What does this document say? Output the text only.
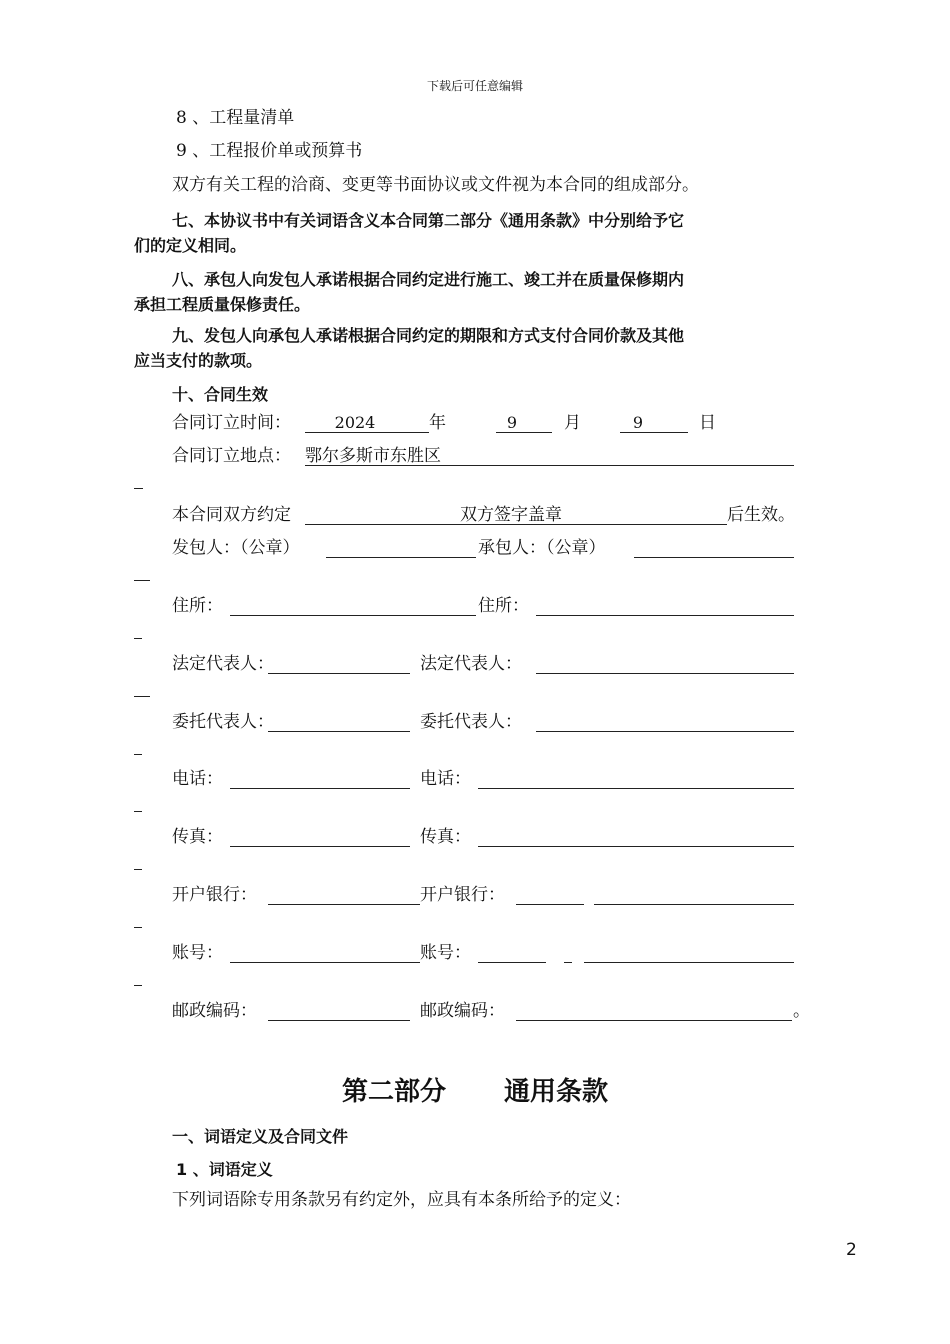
下载后可任意编辑
8 、工程量清单
9 、工程报价单或预算书
双方有关工程的洽商、变更等书面协议或文件视为本合同的组成部分。
七、本协议书中有关词语含义本合同第二部分《通用条款》中分别给予它
们的定义相同。
八、承包人向发包人承诺根据合同约定进行施工、竣工并在质量保修期内
承担工程质量保修责任。
九、发包人向承包人承诺根据合同约定的期限和方式支付合同价款及其他
应当支付的款项。
十、合同生效
合同订立时间：	2024	年	9	月	9	日
合同订立地点： 鄂尔多斯市东胜区
本合同双方约定	双方签字盖章	后生效。
发包人：（公章）	承包人：（公章）
住所：	住所：
法定代表人：	法定代表人：
委托代表人：	委托代表人：
电话：	电话：
传真：	传真：
开户银行：	开户银行：
账号：	账号：
邮政编码：	邮政编码：	。
第二部分 通用条款
一、词语定义及合同文件
1 、词语定义
下列词语除专用条款另有约定外，应具有本条所给予的定义：
2
